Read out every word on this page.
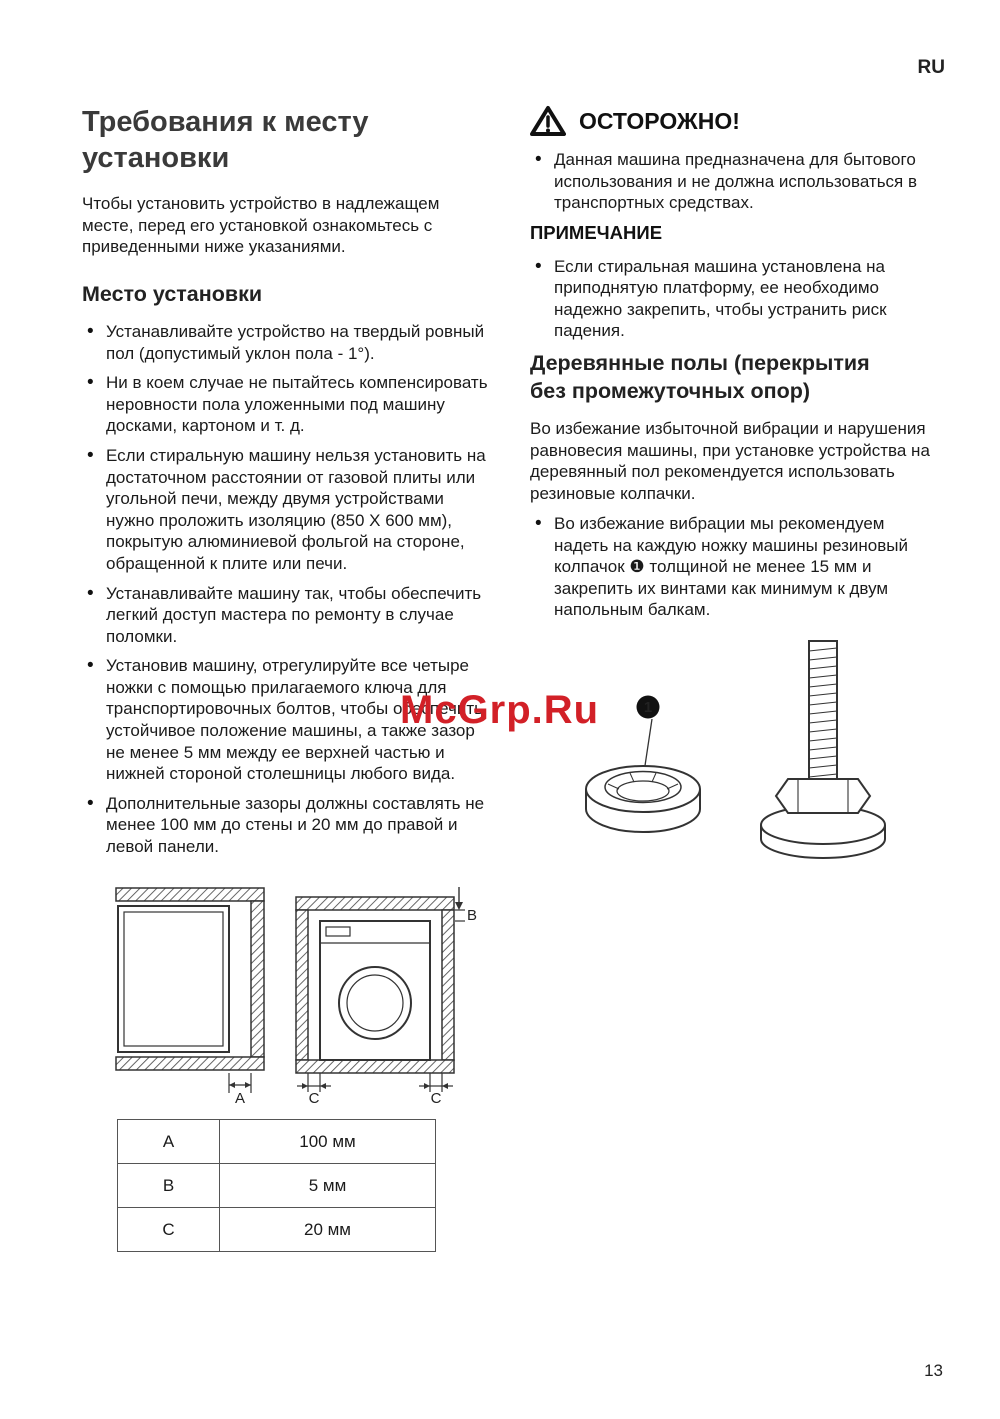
RU
McGrp.Ru
Требования к месту установки

Чтобы установить устройство в надлежащем месте, перед его установкой ознакомьтесь с приведенными ниже указаниями.

Место установки
• Устанавливайте устройство на твердый ровный пол (допустимый уклон пола - 1°).
• Ни в коем случае не пытайтесь компенсировать неровности пола уложенными под машину досками, картоном и т. д.
• Если стиральную машину нельзя установить на достаточном расстоянии от газовой плиты или угольной печи, между двумя устройствами нужно проложить изоляцию (850 X 600 мм), покрытую алюминиевой фольгой на стороне, обращенной к плите или печи.
• Устанавливайте машину так, чтобы обеспечить легкий доступ мастера по ремонту в случае поломки.
• Установив машину, отрегулируйте все четыре ножки с помощью прилагаемого ключа для транспортировочных болтов, чтобы обеспечить устойчивое положение машины, а также зазор не менее 5 мм между ее верхней частью и нижней стороной столешницы любого вида.
• Дополнительные зазоры должны составлять не менее 100 мм до стены и 20 мм до правой и левой панели.
A
B
C	C
A	100 мм
B	5 мм
C	20 мм
ОСТОРОЖНО!
• Данная машина предназначена для бытового использования и не должна использоваться в транспортных средствах.
ПРИМЕЧАНИЕ
• Если стиральная машина установлена на приподнятую платформу, ее необходимо надежно закрепить, чтобы устранить риск падения.
Деревянные полы (перекрытия без промежуточных опор)

Во избежание избыточной вибрации и нарушения равновесия машины, при установке устройства на деревянный пол рекомендуется использовать резиновые колпачки.

• Во избежание вибрации мы рекомендуем надеть на каждую ножку машины резиновый колпачок ❶ толщиной не менее 15 мм и закрепить их винтами как минимум к двум напольным балкам.
1
13
